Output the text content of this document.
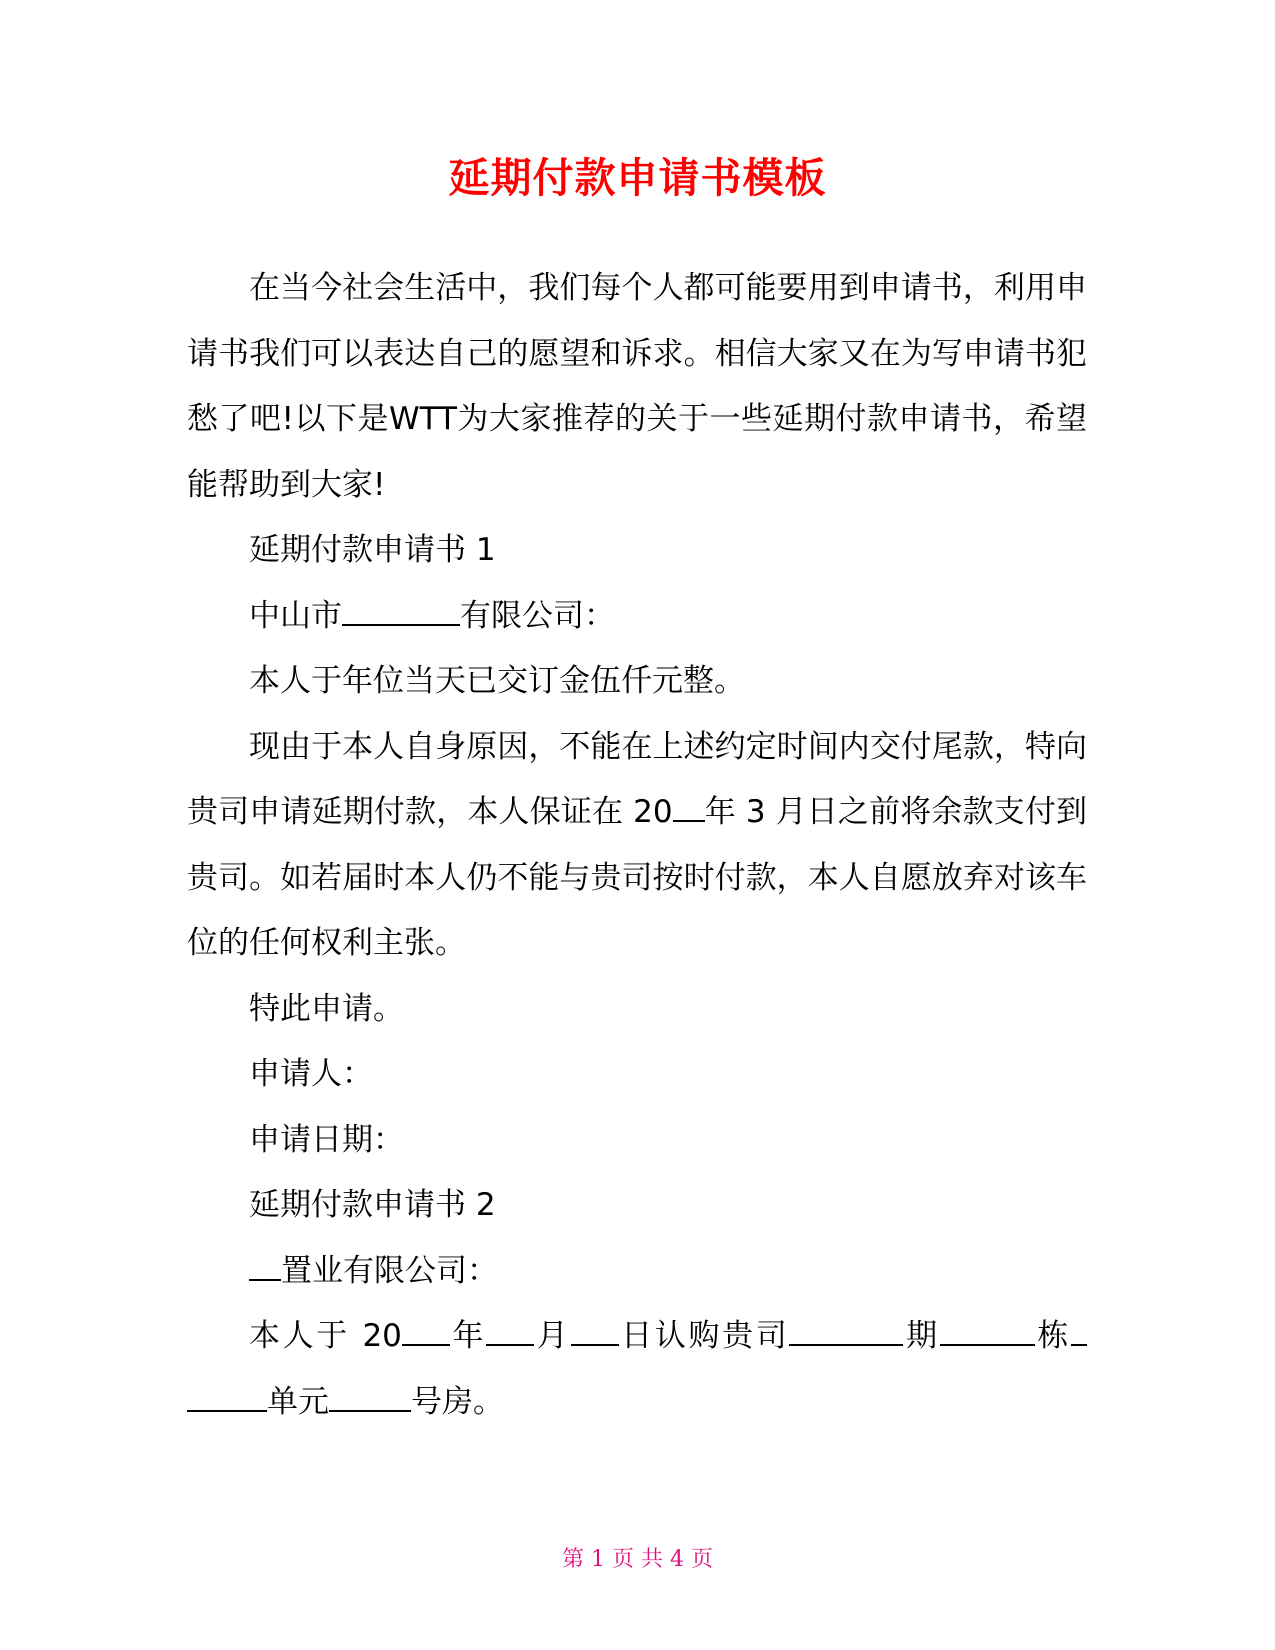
延期付款申请书模板

在当今社会生活中，我们每个人都可能要用到申请书，利用申请书我们可以表达自己的愿望和诉求。相信大家又在为写申请书犯愁了吧!以下是WTT为大家推荐的关于一些延期付款申请书，希望能帮助到大家!

延期付款申请书 1

中山市	有限公司：

本人于年位当天已交订金伍仟元整。

现由于本人自身原因，不能在上述约定时间内交付尾款，特向贵司申请延期付款，本人保证在 20 年 3 月日之前将余款支付到贵司。如若届时本人仍不能与贵司按时付款，本人自愿放弃对该车位的任何权利主张。

特此申请。

申请人：

申请日期：

延期付款申请书 2

置业有限公司：

本人于 20 年 月 日认购贵司	期	栋单元	号房。

第 1 页 共 4 页
